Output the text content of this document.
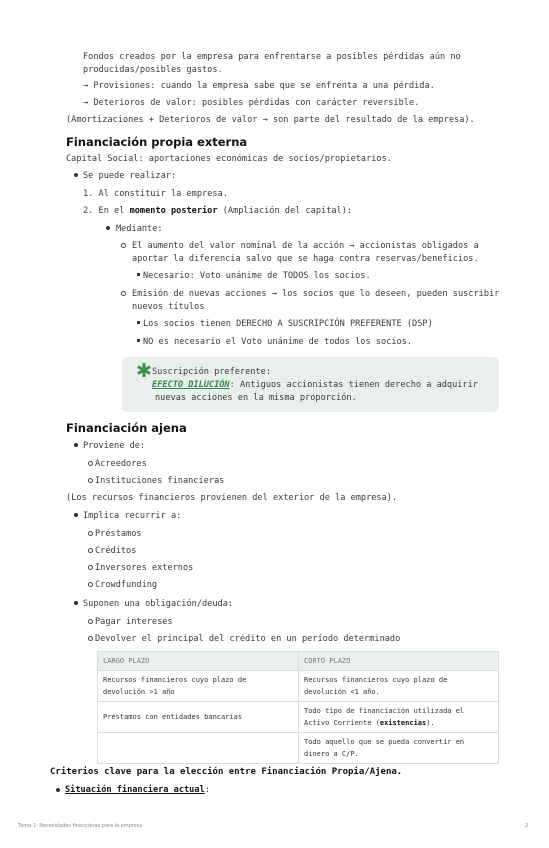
Fondos creados por la empresa para enfrentarse a posibles pérdidas aún no
producidas/posibles gastos.
→ Provisiones: cuando la empresa sabe que se enfrenta a una pérdida.
→ Deterioros de valor: posibles pérdidas con carácter reversible.
(Amortizaciones + Deterioros de valor → son parte del resultado de la empresa).
Financiación propia externa
Capital Social: aportaciones económicas de socios/propietarios.
Se puede realizar:
1. Al constituir la empresa.
2. En el momento posterior (Ampliación del capital):
Mediante:
El aumento del valor nominal de la acción → accionistas obligados a
aportar la diferencia salvo que se haga contra reservas/beneficios.
Necesario: Voto unánime de TODOS los socios.
Emisión de nuevas acciones → los socios que lo deseen, pueden suscribir
nuevos títulos
Los socios tienen DERECHO A SUSCRIPCIÓN PREFERENTE (DSP)
NO es necesario el Voto unánime de todos los socios.
✱ Suscripción preferente:
EFECTO DILUCIÓN: Antiguos accionistas tienen derecho a adquirir
nuevas acciones en la misma proporción.
Financiación ajena
Proviene de:
Acreedores
Instituciones financieras
(Los recursos financieros provienen del exterior de la empresa).
Implica recurrir a:
Préstamos
Créditos
Inversores externos
Crowdfunding
Suponen una obligación/deuda:
Pagar intereses
Devolver el principal del crédito en un período determinado
LARGO PLAZO	CORTO PLAZO
Recursos financieros cuyo plazo de
devolución >1 año	Recursos financieros cuyo plazo de
devolución <1 año.
Préstamos con entidades bancarias	Todo tipo de financiación utilizada el
Activo Corriente (existencias).
	Todo aquello que se pueda convertir en
dinero a C/P.
Criterios clave para la elección entre Financiación Propia/Ajena.
Situación financiera actual:
Tema 1: Necesidades financieras para la empresa	2
